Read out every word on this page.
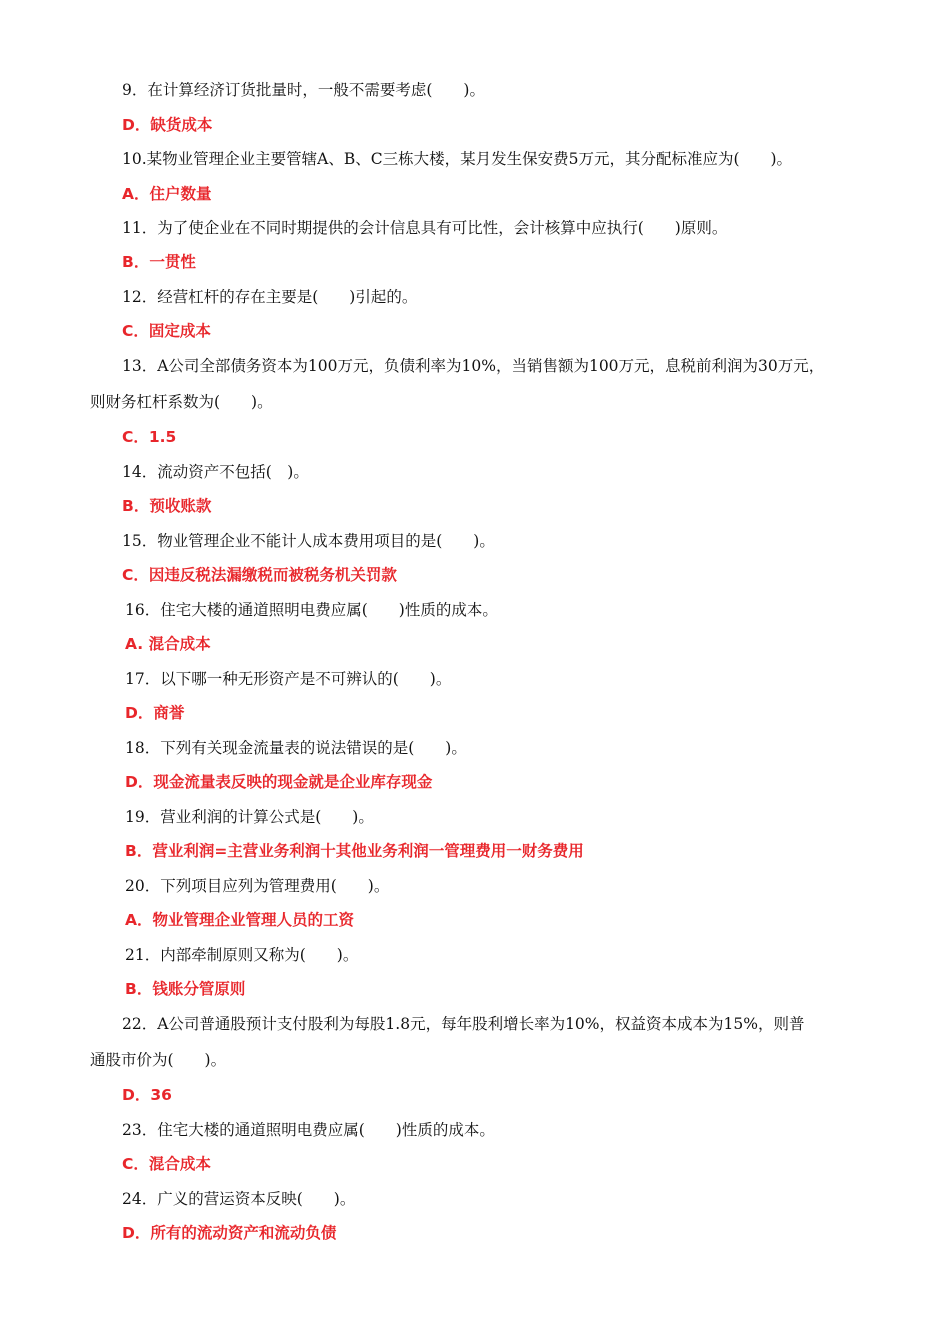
9．在计算经济订货批量时，一般不需要考虑(　　)。
D．缺货成本
10.某物业管理企业主要管辖A、B、C三栋大楼，某月发生保安费5万元，其分配标准应为(　　)。
A．住户数量
11．为了使企业在不同时期提供的会计信息具有可比性，会计核算中应执行(　　)原则。
B．一贯性
12．经营杠杆的存在主要是(　　)引起的。
C．固定成本
13．A公司全部债务资本为100万元，负债利率为10%，当销售额为100万元，息税前利润为30万元，
则财务杠杆系数为(　　)。
C．1.5
14．流动资产不包括(　)。
B．预收账款
15．物业管理企业不能计人成本费用项目的是(　　)。
C．因违反税法漏缴税而被税务机关罚款
16．住宅大楼的通道照明电费应属(　　)性质的成本。
A. 混合成本
17．以下哪一种无形资产是不可辨认的(　　)。
D．商誉
18．下列有关现金流量表的说法错误的是(　　)。
D．现金流量表反映的现金就是企业库存现金
19．营业利润的计算公式是(　　)。
B．营业利润=主营业务利润十其他业务利润一管理费用一财务费用
20．下列项目应列为管理费用(　　)。
A．物业管理企业管理人员的工资
21．内部牵制原则又称为(　　)。
B．钱账分管原则
22．A公司普通股预计支付股利为每股1.8元，每年股利增长率为10%，权益资本成本为15%，则普
通股市价为(　　)。
D．36
23．住宅大楼的通道照明电费应属(　　)性质的成本。
C．混合成本
24．广义的营运资本反映(　　)。
D．所有的流动资产和流动负债
